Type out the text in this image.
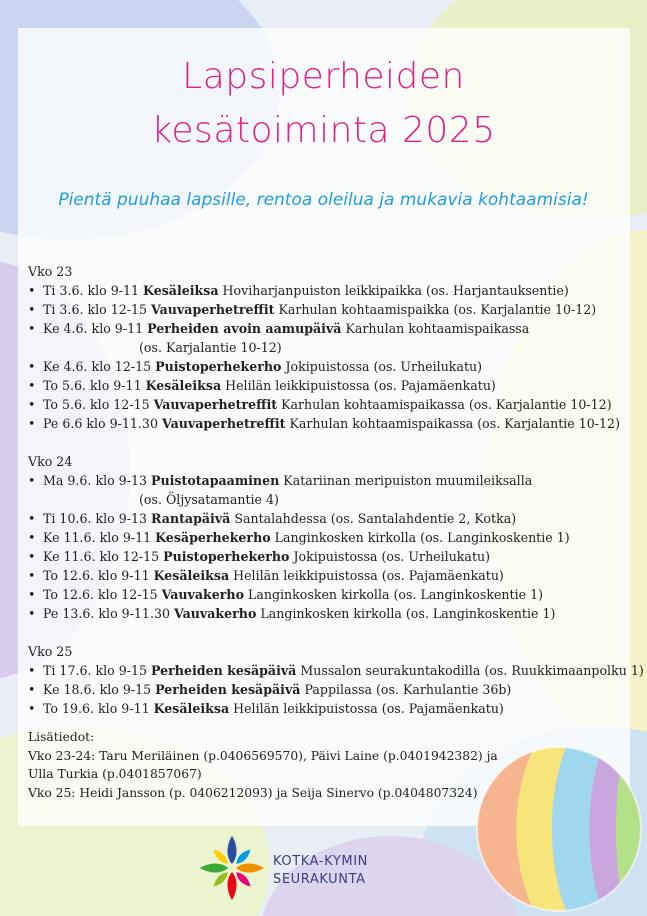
Lapsiperheiden
kesätoiminta 2025
Pientä puuhaa lapsille, rentoa oleilua ja mukavia kohtaamisia!
Vko 23
• Ti 3.6. klo 9-11 Kesäleiksa Hoviharjanpuiston leikkipaikka (os. Harjantauksentie)
• Ti 3.6. klo 12-15 Vauvaperhetreffit Karhulan kohtaamispaikka (os. Karjalantie 10-12)
• Ke 4.6. klo 9-11 Perheiden avoin aamupäivä Karhulan kohtaamispaikassa
(os. Karjalantie 10-12)
• Ke 4.6. klo 12-15 Puistoperhekerho Jokipuistossa (os. Urheilukatu)
• To 5.6. klo 9-11 Kesäleiksa Helilän leikkipuistossa (os. Pajamäenkatu)
• To 5.6. klo 12-15 Vauvaperhetreffit Karhulan kohtaamispaikassa (os. Karjalantie 10-12)
• Pe 6.6 klo 9-11.30 Vauvaperhetreffit Karhulan kohtaamispaikassa (os. Karjalantie 10-12)
Vko 24
• Ma 9.6. klo 9-13 Puistotapaaminen Katariinan meripuiston muumileiksalla
(os. Öljysatamantie 4)
• Ti 10.6. klo 9-13 Rantapäivä Santalahdessa (os. Santalahdentie 2, Kotka)
• Ke 11.6. klo 9-11 Kesäperhekerho Langinkosken kirkolla (os. Langinkoskentie 1)
• Ke 11.6. klo 12-15 Puistoperhekerho Jokipuistossa (os. Urheilukatu)
• To 12.6. klo 9-11 Kesäleiksa Helilän leikkipuistossa (os. Pajamäenkatu)
• To 12.6. klo 12-15 Vauvakerho Langinkosken kirkolla (os. Langinkoskentie 1)
• Pe 13.6. klo 9-11.30 Vauvakerho Langinkosken kirkolla (os. Langinkoskentie 1)
Vko 25
• Ti 17.6. klo 9-15 Perheiden kesäpäivä Mussalon seurakuntakodilla (os. Ruukkimaanpolku 1)
• Ke 18.6. klo 9-15 Perheiden kesäpäivä Pappilassa (os. Karhulantie 36b)
• To 19.6. klo 9-11 Kesäleiksa Helilän leikkipuistossa (os. Pajamäenkatu)
Lisätiedot:
Vko 23-24: Taru Meriläinen (p.0406569570), Päivi Laine (p.0401942382) ja
Ulla Turkia (p.0401857067)
Vko 25: Heidi Jansson (p. 0406212093) ja Seija Sinervo (p.0404807324)
KOTKA-KYMIN
SEURAKUNTA
